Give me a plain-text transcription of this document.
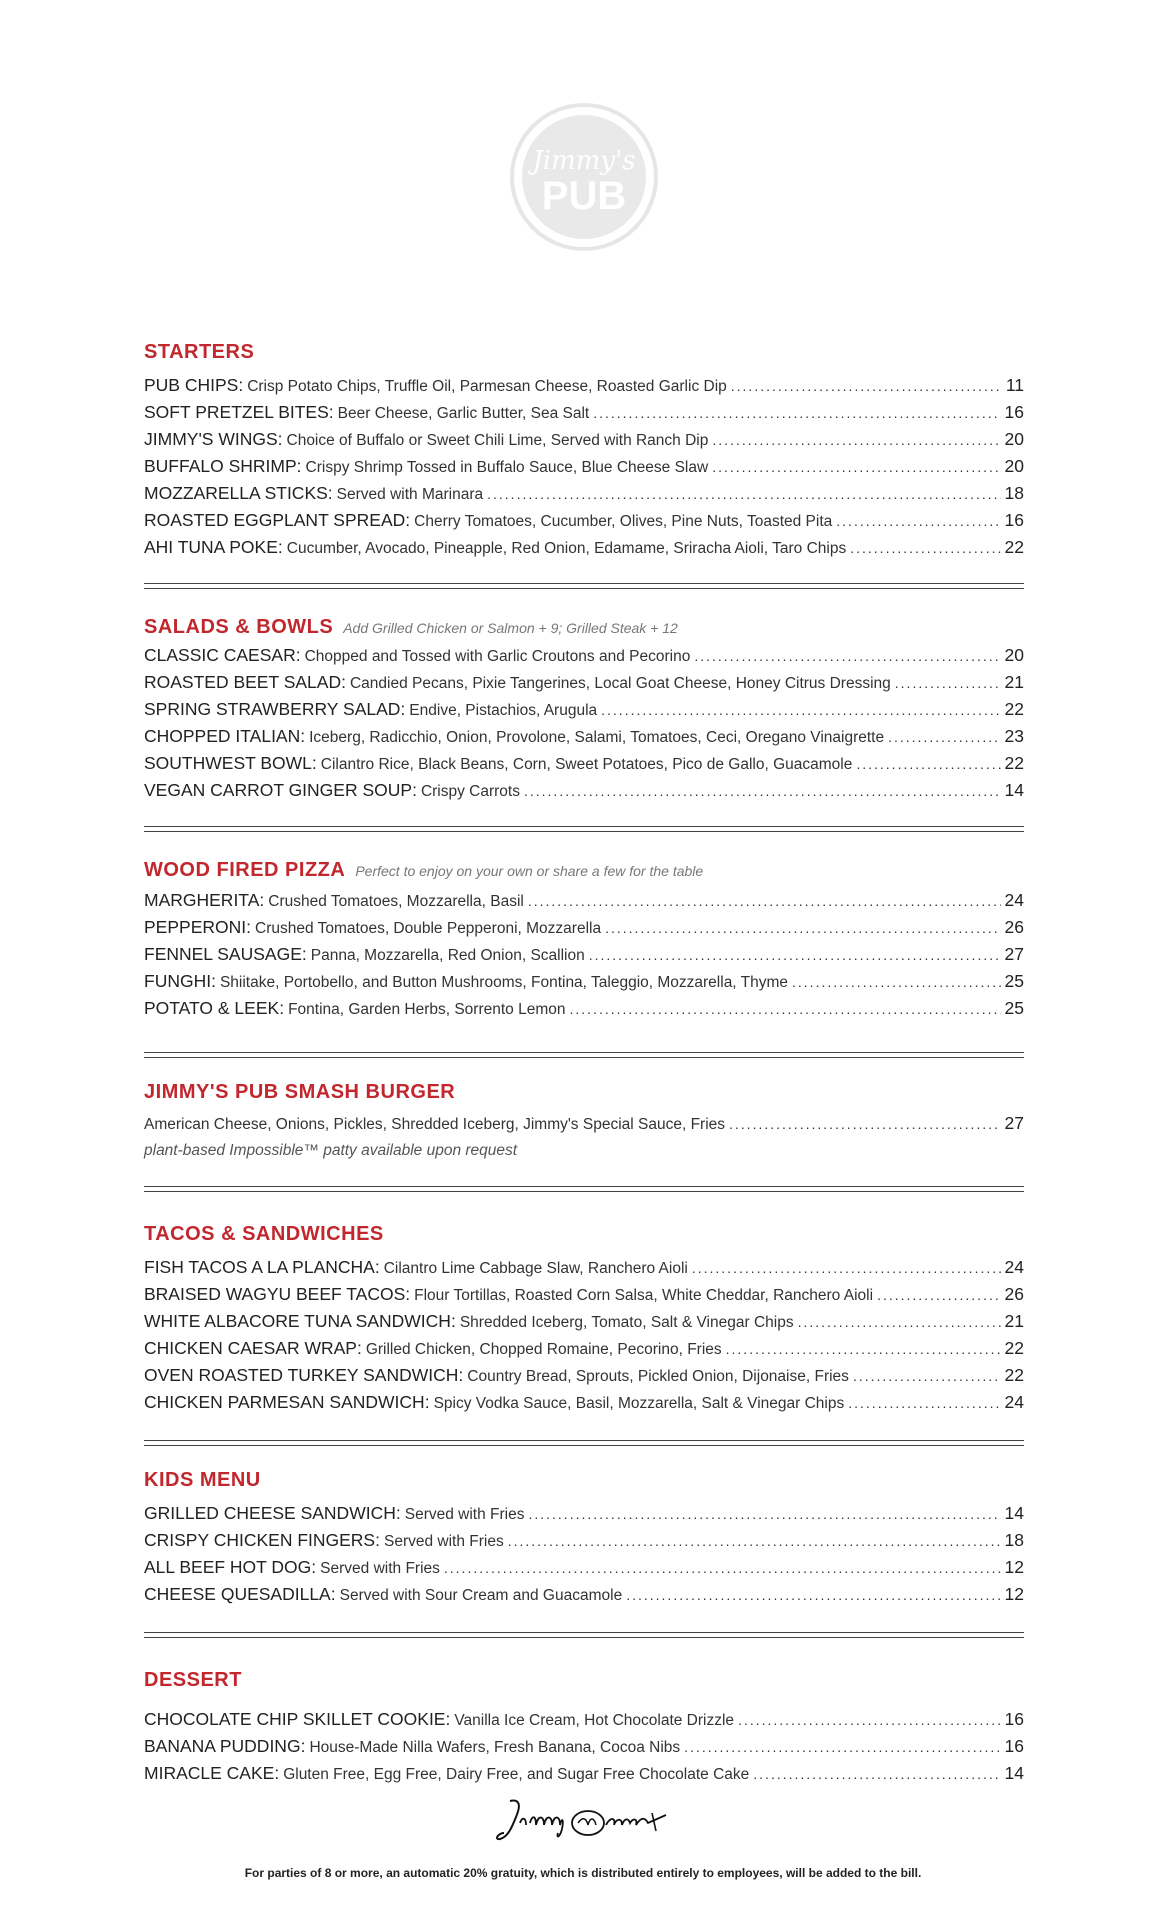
Jimmy's
PUB
STARTERS
PUB CHIPS : Crisp Potato Chips, Truffle Oil, Parmesan Cheese, Roasted Garlic Dip .....	11
SOFT PRETZEL BITES : Beer Cheese, Garlic Butter, Sea Salt .....	16
JIMMY'S WINGS : Choice of Buffalo or Sweet Chili Lime, Served with Ranch Dip .....	20
BUFFALO SHRIMP : Crispy Shrimp Tossed in Buffalo Sauce, Blue Cheese Slaw .....	20
MOZZARELLA STICKS : Served with Marinara .....	18
ROASTED EGGPLANT SPREAD : Cherry Tomatoes, Cucumber, Olives, Pine Nuts, Toasted Pita .....	16
AHI TUNA POKE : Cucumber, Avocado, Pineapple, Red Onion, Edamame, Sriracha Aioli, Taro Chips .....	22
SALADS & BOWLS Add Grilled Chicken or Salmon + 9; Grilled Steak + 12
CLASSIC CAESAR : Chopped and Tossed with Garlic Croutons and Pecorino .....	20
ROASTED BEET SALAD : Candied Pecans, Pixie Tangerines, Local Goat Cheese, Honey Citrus Dressing .....	21
SPRING STRAWBERRY SALAD : Endive, Pistachios, Arugula .....	22
CHOPPED ITALIAN : Iceberg, Radicchio, Onion, Provolone, Salami, Tomatoes, Ceci, Oregano Vinaigrette .....	23
SOUTHWEST BOWL : Cilantro Rice, Black Beans, Corn, Sweet Potatoes, Pico de Gallo, Guacamole .....	22
VEGAN CARROT GINGER SOUP : Crispy Carrots .....	14
WOOD FIRED PIZZA Perfect to enjoy on your own or share a few for the table
MARGHERITA : Crushed Tomatoes, Mozzarella, Basil .....	24
PEPPERONI : Crushed Tomatoes, Double Pepperoni, Mozzarella .....	26
FENNEL SAUSAGE : Panna, Mozzarella, Red Onion, Scallion .....	27
FUNGHI : Shiitake, Portobello, and Button Mushrooms, Fontina, Taleggio, Mozzarella, Thyme .....	25
POTATO & LEEK : Fontina, Garden Herbs, Sorrento Lemon .....	25
JIMMY'S PUB SMASH BURGER
American Cheese, Onions, Pickles, Shredded Iceberg, Jimmy's Special Sauce, Fries .....	27
plant-based Impossible™ patty available upon request
TACOS & SANDWICHES
FISH TACOS A LA PLANCHA : Cilantro Lime Cabbage Slaw, Ranchero Aioli .....	24
BRAISED WAGYU BEEF TACOS : Flour Tortillas, Roasted Corn Salsa, White Cheddar, Ranchero Aioli .....	26
WHITE ALBACORE TUNA SANDWICH : Shredded Iceberg, Tomato, Salt & Vinegar Chips .....	21
CHICKEN CAESAR WRAP : Grilled Chicken, Chopped Romaine, Pecorino, Fries .....	22
OVEN ROASTED TURKEY SANDWICH : Country Bread, Sprouts, Pickled Onion, Dijonaise, Fries .....	22
CHICKEN PARMESAN SANDWICH : Spicy Vodka Sauce, Basil, Mozzarella, Salt & Vinegar Chips .....	24
KIDS MENU
GRILLED CHEESE SANDWICH : Served with Fries .....	14
CRISPY CHICKEN FINGERS : Served with Fries .....	18
ALL BEEF HOT DOG : Served with Fries .....	12
CHEESE QUESADILLA : Served with Sour Cream and Guacamole .....	12
DESSERT
CHOCOLATE CHIP SKILLET COOKIE : Vanilla Ice Cream, Hot Chocolate Drizzle .....	16
BANANA PUDDING : House-Made Nilla Wafers, Fresh Banana, Cocoa Nibs .....	16
MIRACLE CAKE : Gluten Free, Egg Free, Dairy Free, and Sugar Free Chocolate Cake .....	14
For parties of 8 or more, an automatic 20% gratuity, which is distributed entirely to employees, will be added to the bill.
